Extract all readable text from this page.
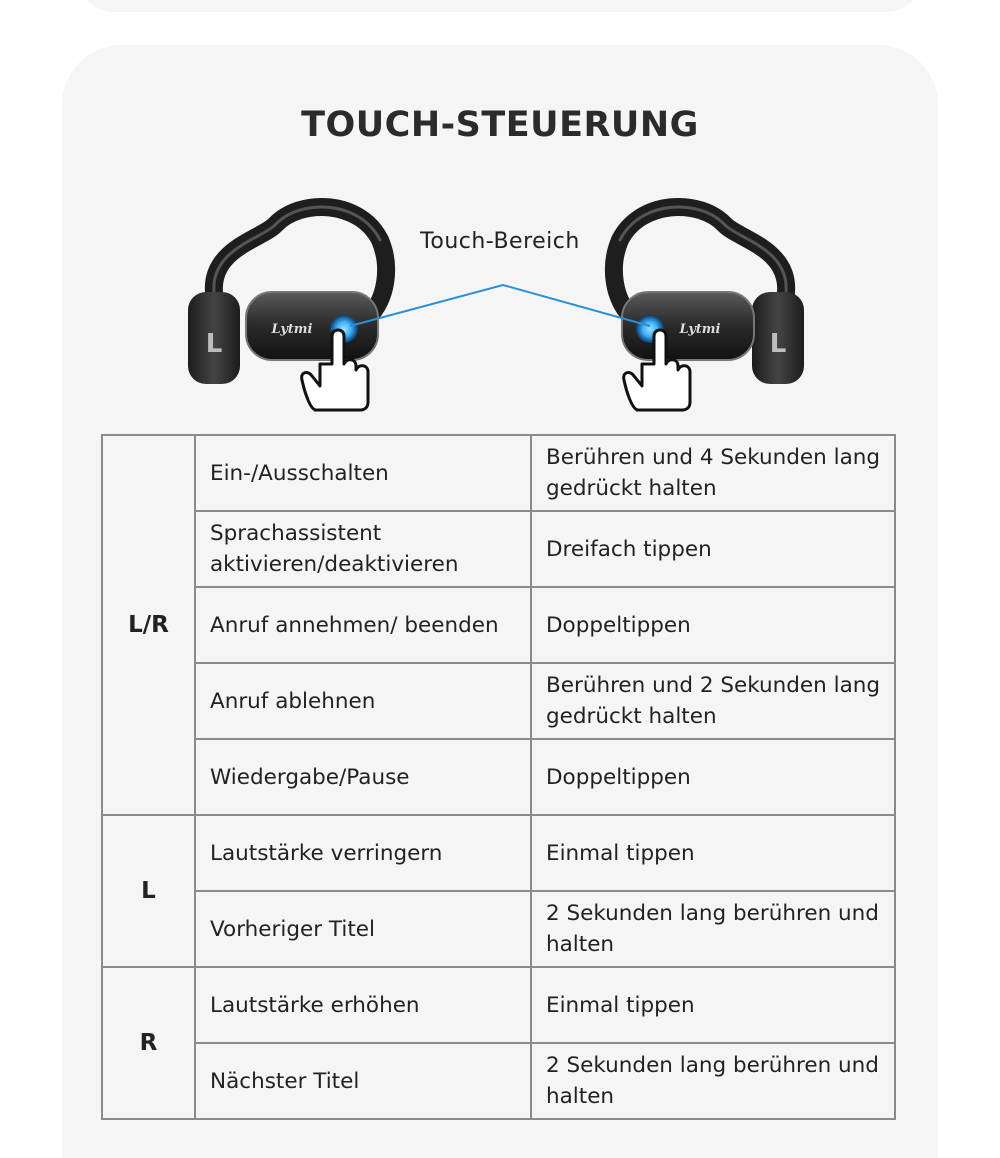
TOUCH-STEUERUNG
L	Lytmi	L
Lytmi
Touch-Bereich
L/R	Ein-/Ausschalten	Berühren und 4 Sekunden lang gedrückt halten
	Sprachassistent aktivieren/deaktivieren	Dreifach tippen
	Anruf annehmen/ beenden	Doppeltippen
	Anruf ablehnen	Berühren und 2 Sekunden lang gedrückt halten
	Wiedergabe/Pause	Doppeltippen
L	Lautstärke verringern	Einmal tippen
	Vorheriger Titel	2 Sekunden lang berühren und halten
R	Lautstärke erhöhen	Einmal tippen
	Nächster Titel	2 Sekunden lang berühren und halten
